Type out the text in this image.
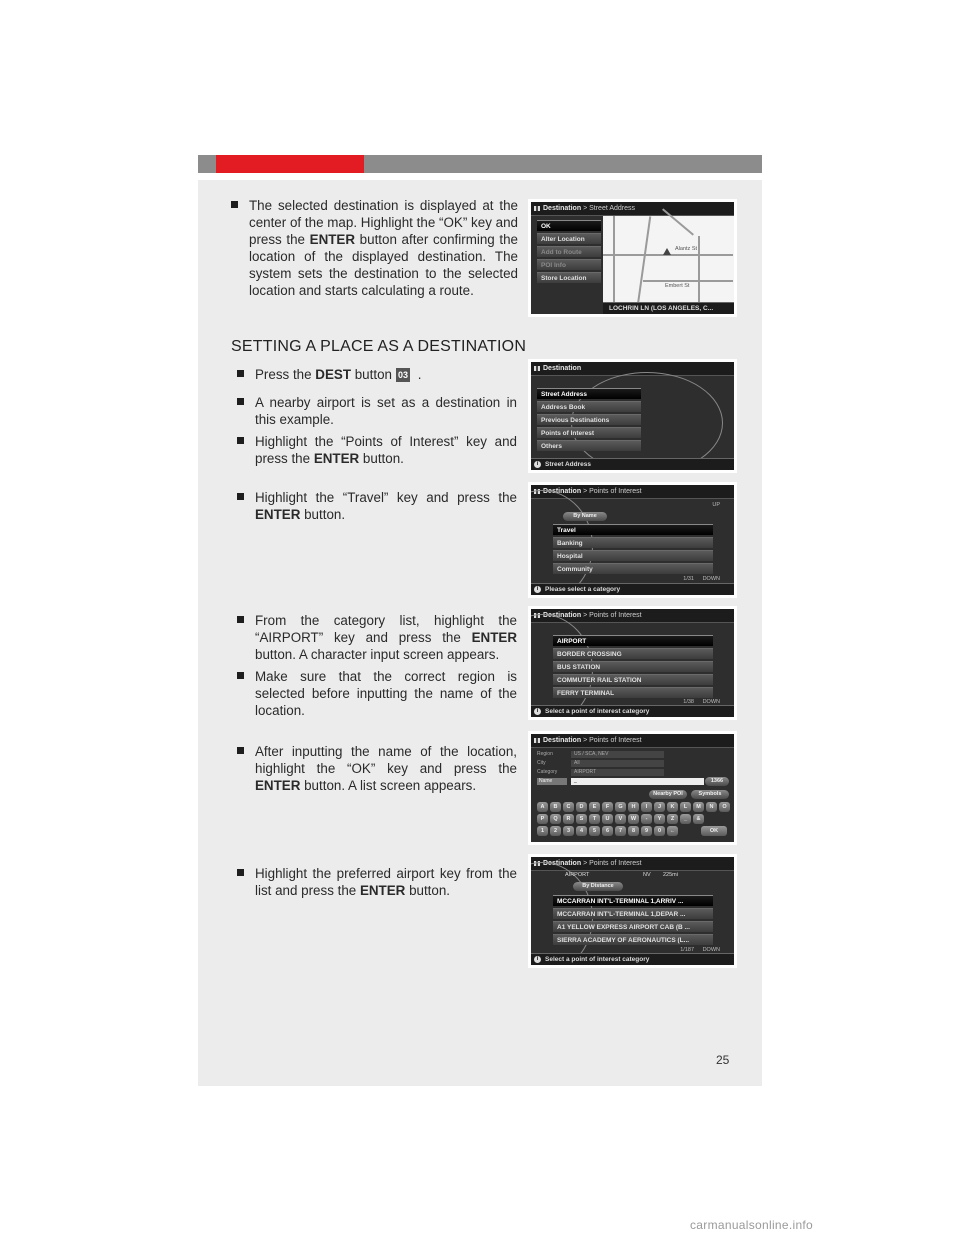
The selected destination is displayed at the center of the map. Highlight the “OK” key and press the ENTER button after confirming the location of the displayed destination. The system sets the destination to the selected location and starts calculating a route.
SETTING A PLACE AS A DESTINATION
Press the DEST button 03 .
A nearby airport is set as a destination in this example.
Highlight the “Points of Interest” key and press the ENTER button.
Highlight the “Travel” key and press the ENTER button.
From the category list, highlight the “AIRPORT” key and press the ENTER button. A character input screen appears.
Make sure that the correct region is selected before inputting the name of the location.
After inputting the name of the location, highlight the “OK” key and press the ENTER button. A list screen appears.
Highlight the preferred airport key from the list and press the ENTER button.
25
carmanualsonline.info
Destination > Street Address
Alantz St
Embert St
OK
Alter Location
Add to Route
POI Info
Store Location
LOCHRIN LN (LOS ANGELES, C...
Destination
Street Address
Address Book
Previous Destinations
Points of Interest
Others
i	Street Address
Destination > Points of Interest
UP
By Name
Travel
Banking
Hospital
Community
1/31 DOWN
i	Please select a category
Destination > Points of Interest
AIRPORT
BORDER CROSSING
BUS STATION
COMMUTER RAIL STATION
FERRY TERMINAL
1/38 DOWN
i	Select a point of interest category
Destination > Points of Interest
Region	US / SCA, NEV
City	All
Category	AIRPORT
Name	_	1366
Nearby POI	Symbols
A	B	C	D	E	F	G	H	I	J	K	L	M	N	O
P	Q	R	S	T	U	V	W	-	Y	Z	_	&
1	2	3	4	5	6	7	8	9	0	←	OK
Destination > Points of Interest
AIRPORT	NV 225mi
By Distance
MCCARRAN INT'L-TERMINAL 1,ARRIV ...
MCCARRAN INT'L-TERMINAL 1,DEPAR ...
A1 YELLOW EXPRESS AIRPORT CAB (B ...
SIERRA ACADEMY OF AERONAUTICS (L...
1/187 DOWN
i	Select a point of interest category
